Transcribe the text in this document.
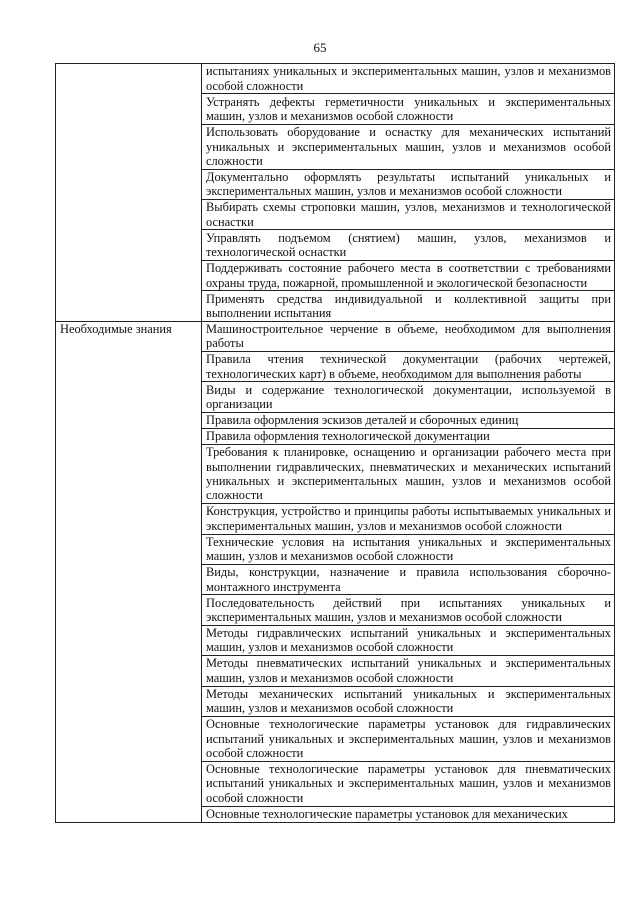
65
	испытаниях уникальных и экспериментальных машин, узлов и механизмов особой сложности
	Устранять дефекты герметичности уникальных и экспериментальных машин, узлов и механизмов особой сложности
	Использовать оборудование и оснастку для механических испытаний уникальных и экспериментальных машин, узлов и механизмов особой сложности
	Документально оформлять результаты испытаний уникальных и экспериментальных машин, узлов и механизмов особой сложности
	Выбирать схемы строповки машин, узлов, механизмов и технологической оснастки
	Управлять подъемом (снятием) машин, узлов, механизмов и технологической оснастки
	Поддерживать состояние рабочего места в соответствии с требованиями охраны труда, пожарной, промышленной и экологической безопасности
	Применять средства индивидуальной и коллективной защиты при выполнении испытания
Необходимые знания	Машиностроительное черчение в объеме, необходимом для выполнения работы
	Правила чтения технической документации (рабочих чертежей, технологических карт) в объеме, необходимом для выполнения работы
	Виды и содержание технологической документации, используемой в организации
	Правила оформления эскизов деталей и сборочных единиц
	Правила оформления технологической документации
	Требования к планировке, оснащению и организации рабочего места при выполнении гидравлических, пневматических и механических испытаний уникальных и экспериментальных машин, узлов и механизмов особой сложности
	Конструкция, устройство и принципы работы испытываемых уникальных и экспериментальных машин, узлов и механизмов особой сложности
	Технические условия на испытания уникальных и экспериментальных машин, узлов и механизмов особой сложности
	Виды, конструкции, назначение и правила использования сборочно-монтажного инструмента
	Последовательность действий при испытаниях уникальных и экспериментальных машин, узлов и механизмов особой сложности
	Методы гидравлических испытаний уникальных и экспериментальных машин, узлов и механизмов особой сложности
	Методы пневматических испытаний уникальных и экспериментальных машин, узлов и механизмов особой сложности
	Методы механических испытаний уникальных и экспериментальных машин, узлов и механизмов особой сложности
	Основные технологические параметры установок для гидравлических испытаний уникальных и экспериментальных машин, узлов и механизмов особой сложности
	Основные технологические параметры установок для пневматических испытаний уникальных и экспериментальных машин, узлов и механизмов особой сложности
	Основные технологические параметры установок для механических
